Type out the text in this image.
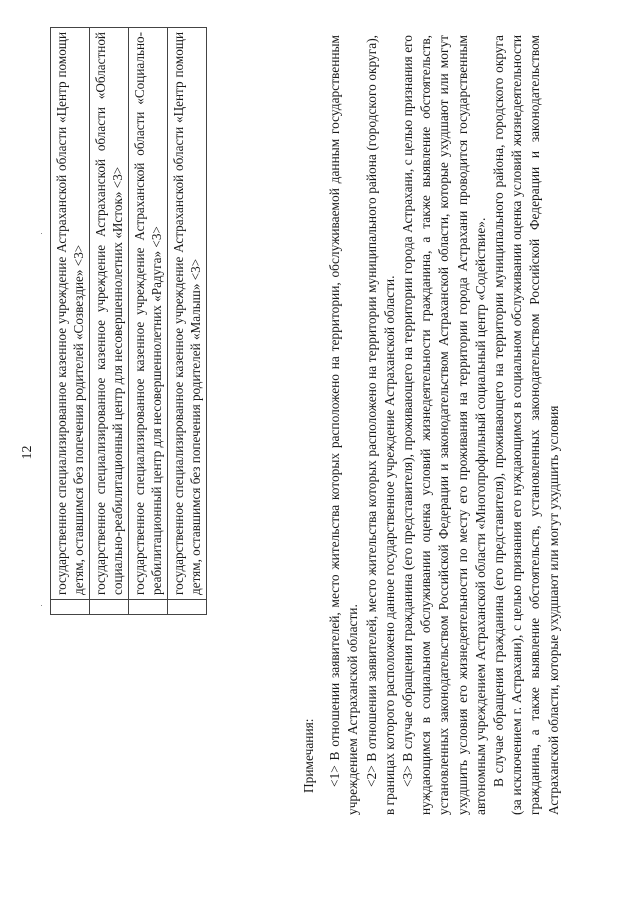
·
·
12
	государственное специализированное казенное учреждение Астраханской области «Центр помощи детям, оставшимся без попечения родителей «Созвездие» <3>
	государственное специализированное казенное учреждение Астраханской области «Областной социально-реабилитационный центр для несовершеннолетних «Исток» <3>
	государственное специализированное казенное учреждение Астраханской области «Социально-реабилитационный центр для несовершеннолетних «Радуга» <3>
	государственное специализированное казенное учреждение Астраханской области «Центр помощи детям, оставшимся без попечения родителей «Малыш» <3>

Примечания: <1> В отношении заявителей, место жительства которых расположено на территории, обслуживаемой данным государственным учреждением Астраханской области. <2> В отношении заявителей, место жительства которых расположено на территории муниципального района (городского округа), в границах которого расположено данное государственное учреждение Астраханской области. <3> В случае обращения гражданина (его представителя), проживающего на территории города Астрахани, с целью признания его нуждающимся в социальном обслуживании оценка условий жизнедеятельности гражданина, а также выявление обстоятельств, установленных законодательством Российской Федерации и законодательством Астраханской области, которые ухудшают или могут ухудшить условия его жизнедеятельности по месту его проживания на территории города Астрахани проводится государственным автономным учреждением Астраханской области «Многопрофильный социальный центр «Содействие». В случае обращения гражданина (его представителя), проживающего на территории муниципального района, городского округа (за исключением г. Астрахани), с целью признания его нуждающимся в социальном обслуживании оценка условий жизнедеятельности гражданина, а также выявление обстоятельств, установленных законодательством Российской Федерации и законодательством Астраханской области, которые ухудшают или могут ухудшить условия
